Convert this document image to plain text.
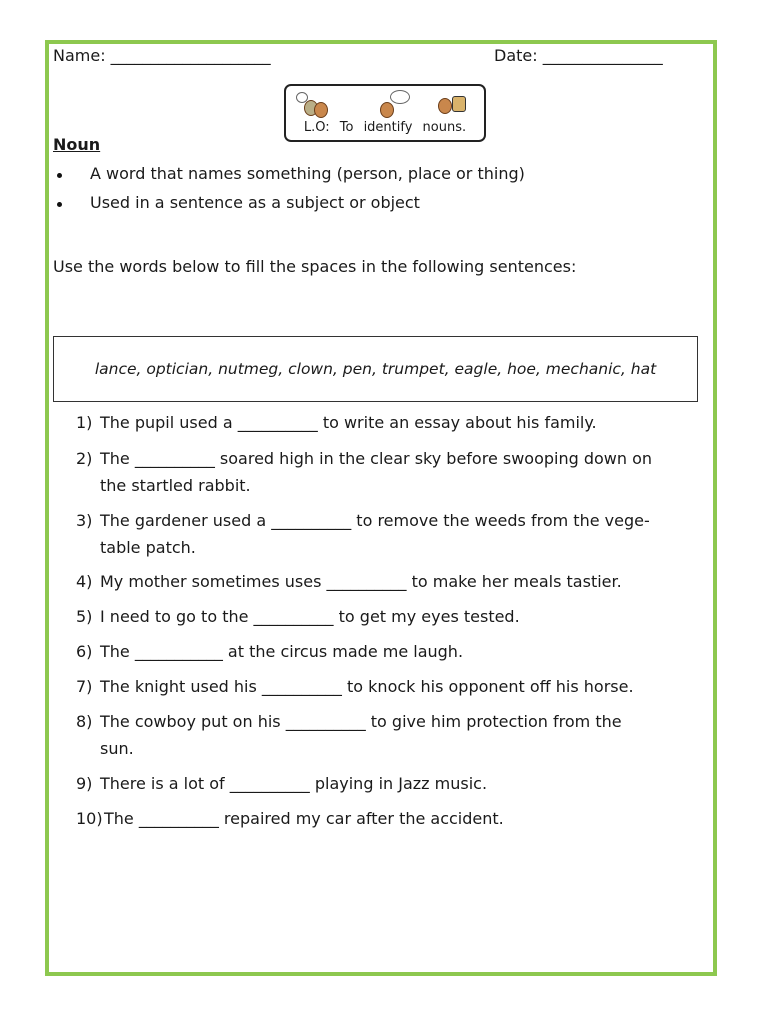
Name: ____________________	Date: _______________
L.O: To identify nouns.
Noun
A word that names something (person, place or thing)
Used in a sentence as a subject or object
Use the words below to fill the spaces in the following sentences:
lance, optician, nutmeg, clown, pen, trumpet, eagle, hoe, mechanic, hat
1) The pupil used a __________ to write an essay about his family.
2) The __________ soared high in the clear sky before swooping down on
the startled rabbit.
3) The gardener used a __________ to remove the weeds from the vege-
table patch.
4) My mother sometimes uses __________ to make her meals tastier.
5) I need to go to the __________ to get my eyes tested.
6) The ___________ at the circus made me laugh.
7) The knight used his __________ to knock his opponent off his horse.
8) The cowboy put on his __________ to give him protection from the
sun.
9) There is a lot of __________ playing in Jazz music.
10) The __________ repaired my car after the accident.
